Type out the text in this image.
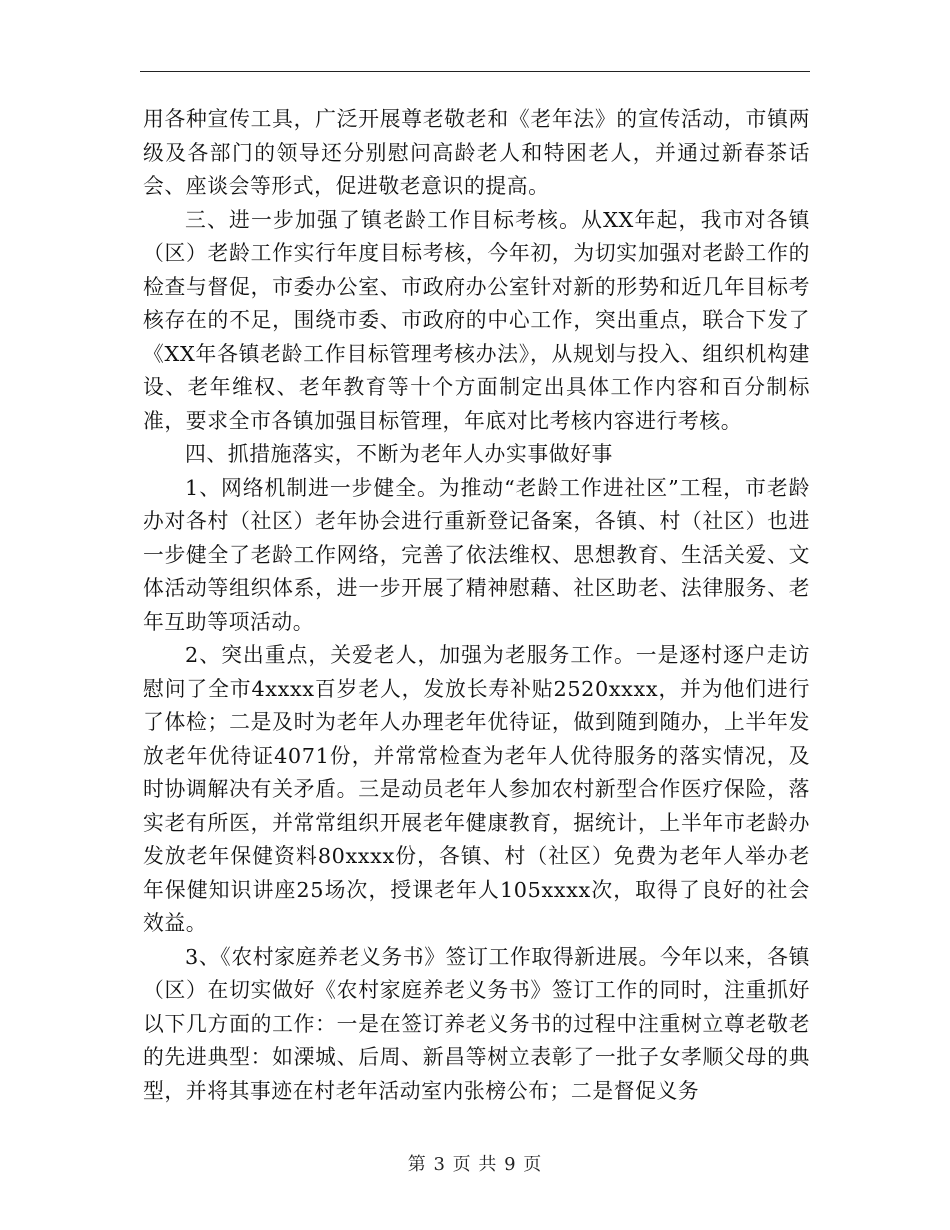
用各种宣传工具，广泛开展尊老敬老和《老年法》的宣传活动，市镇两级及各部门的领导还分别慰问高龄老人和特困老人，并通过新春茶话会、座谈会等形式，促进敬老意识的提高。

三、进一步加强了镇老龄工作目标考核。从XX年起，我市对各镇（区）老龄工作实行年度目标考核，今年初，为切实加强对老龄工作的检查与督促，市委办公室、市政府办公室针对新的形势和近几年目标考核存在的不足，围绕市委、市政府的中心工作，突出重点，联合下发了《XX年各镇老龄工作目标管理考核办法》，从规划与投入、组织机构建设、老年维权、老年教育等十个方面制定出具体工作内容和百分制标准，要求全市各镇加强目标管理，年底对比考核内容进行考核。

四、抓措施落实，不断为老年人办实事做好事

1、网络机制进一步健全。为推动“老龄工作进社区”工程，市老龄办对各村（社区）老年协会进行重新登记备案，各镇、村（社区）也进一步健全了老龄工作网络，完善了依法维权、思想教育、生活关爱、文体活动等组织体系，进一步开展了精神慰藉、社区助老、法律服务、老年互助等项活动。

2、突出重点，关爱老人，加强为老服务工作。一是逐村逐户走访慰问了全市4xxxx百岁老人，发放长寿补贴2520xxxx，并为他们进行了体检；二是及时为老年人办理老年优待证，做到随到随办，上半年发放老年优待证4071份，并常常检查为老年人优待服务的落实情况，及时协调解决有关矛盾。三是动员老年人参加农村新型合作医疗保险，落实老有所医，并常常组织开展老年健康教育，据统计，上半年市老龄办发放老年保健资料80xxxx份，各镇、村（社区）免费为老年人举办老年保健知识讲座25场次，授课老年人105xxxx次，取得了良好的社会效益。

3、《农村家庭养老义务书》签订工作取得新进展。今年以来，各镇（区）在切实做好《农村家庭养老义务书》签订工作的同时，注重抓好以下几方面的工作：一是在签订养老义务书的过程中注重树立尊老敬老的先进典型：如溧城、后周、新昌等树立表彰了一批子女孝顺父母的典型，并将其事迹在村老年活动室内张榜公布；二是督促义务

第 3 页 共 9 页
